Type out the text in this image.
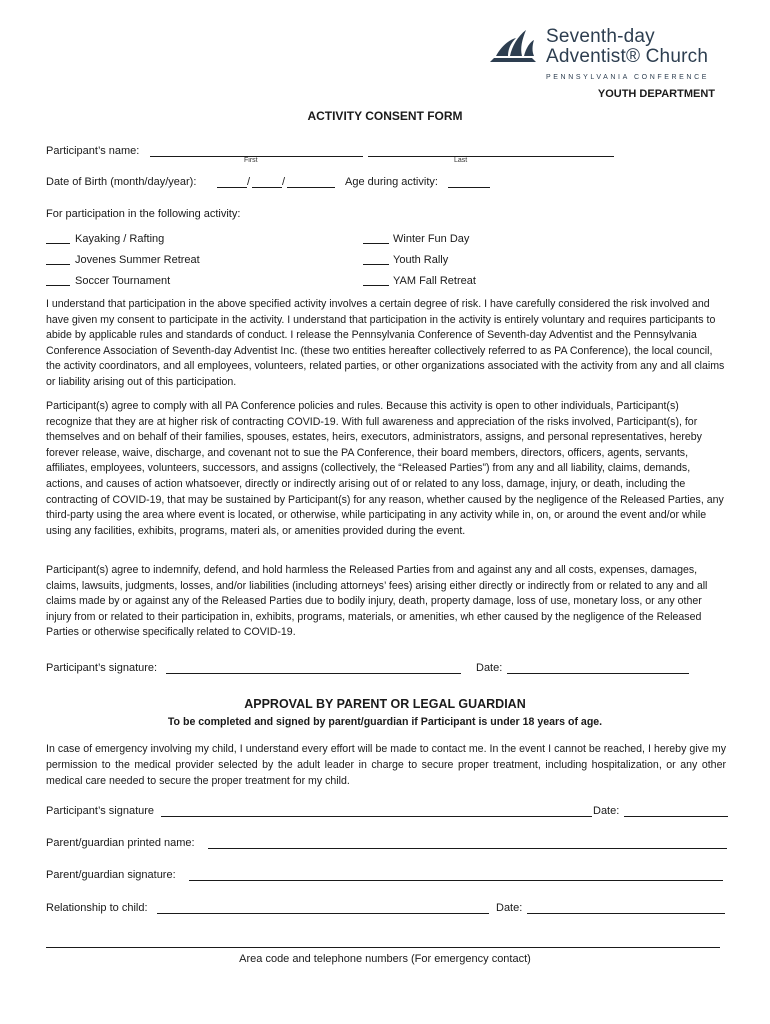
Seventh-day
Adventist® Church
PENNSYLVANIA CONFERENCE
YOUTH DEPARTMENT
ACTIVITY CONSENT FORM
Participant’s name:
First	Last
Date of Birth (month/day/year):	/	/	Age during activity:
For participation in the following activity:
Kayaking / Rafting	Winter Fun Day
Jovenes Summer Retreat	Youth Rally
Soccer Tournament	YAM Fall Retreat
I understand that participation in the above specified activity involves a certain degree of risk. I have carefully considered the risk involved and have given my consent to participate in the activity. I understand that participation in the activity is entirely voluntary and requires participants to abide by applicable rules and standards of conduct. I release the Pennsylvania Conference of Seventh-day Adventist and the Pennsylvania Conference Association of Seventh-day Adventist Inc. (these two entities hereafter collectively referred to as PA Conference), the local council, the activity coordinators, and all employees, volunteers, related parties, or other organizations associated with the activity from any and all claims or liability arising out of this participation.
Participant(s) agree to comply with all PA Conference policies and rules. Because this activity is open to other individuals, Participant(s) recognize that they are at higher risk of contracting COVID-19. With full awareness and appreciation of the risks involved, Participant(s), for themselves and on behalf of their families, spouses, estates, heirs, executors, administrators, assigns, and personal representatives, hereby forever release, waive, discharge, and covenant not to sue the PA Conference, their board members, directors, officers, agents, servants, affiliates, employees, volunteers, successors, and assigns (collectively, the “Released Parties”) from any and all liability, claims, demands, actions, and causes of action whatsoever, directly or indirectly arising out of or related to any loss, damage, injury, or death, including the contracting of COVID-19, that may be sustained by Participant(s) for any reason, whether caused by the negligence of the Released Parties, any third-party using the area where event is located, or otherwise, while participating in any activity while in, on, or around the event and/or while using any facilities, exhibits, programs, materi als, or amenities provided during the event.
Participant(s) agree to indemnify, defend, and hold harmless the Released Parties from and against any and all costs, expenses, damages, claims, lawsuits, judgments, losses, and/or liabilities (including attorneys’ fees) arising either directly or indirectly from or related to any and all claims made by or against any of the Released Parties due to bodily injury, death, property damage, loss of use, monetary loss, or any other injury from or related to their participation in, exhibits, programs, materials, or amenities, wh ether caused by the negligence of the Released Parties or otherwise specifically related to COVID-19.
Participant’s signature:	Date:
APPROVAL BY PARENT OR LEGAL GUARDIAN
To be completed and signed by parent/guardian if Participant is under 18 years of age.
In case of emergency involving my child, I understand every effort will be made to contact me. In the event I cannot be reached, I hereby give my permission to the medical provider selected by the adult leader in charge to secure proper treatment, including hospitalization, or any other medical care needed to secure the proper treatment for my child.
Participant’s signature	Date:
Parent/guardian printed name:
Parent/guardian signature:
Relationship to child:	Date:
Area code and telephone numbers (For emergency contact)
